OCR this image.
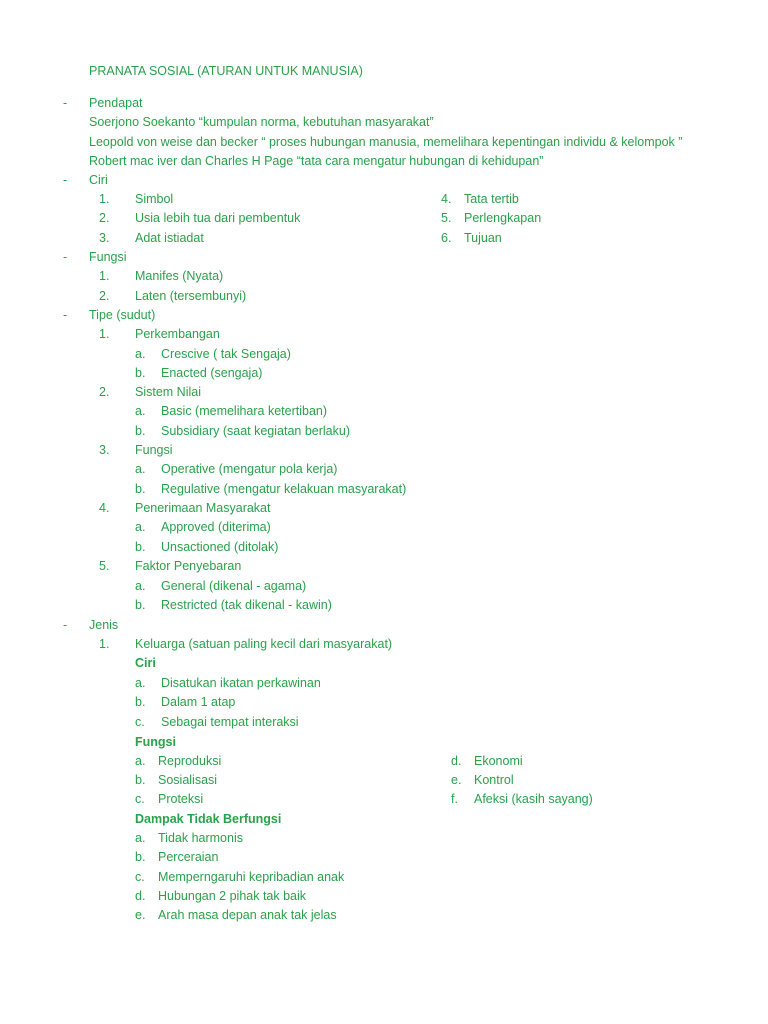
PRANATA SOSIAL (ATURAN UNTUK MANUSIA)
- Pendapat
Soerjono Soekanto “kumpulan norma, kebutuhan masyarakat”
Leopold von weise dan becker “ proses hubungan manusia, memelihara kepentingan individu & kelompok ”
Robert mac iver dan Charles H Page “tata cara mengatur hubungan di kehidupan”
- Ciri
1. Simbol
2. Usia lebih tua dari pembentuk
3. Adat istiadat
4. Tata tertib
5. Perlengkapan
6. Tujuan
- Fungsi
1. Manifes (Nyata)
2. Laten (tersembunyi)
- Tipe (sudut)
1. Perkembangan
a. Crescive ( tak Sengaja)
b. Enacted (sengaja)
2. Sistem Nilai
a. Basic (memelihara ketertiban)
b. Subsidiary (saat kegiatan berlaku)
3. Fungsi
a. Operative (mengatur pola kerja)
b. Regulative (mengatur kelakuan masyarakat)
4. Penerimaan Masyarakat
a. Approved (diterima)
b. Unsactioned (ditolak)
5. Faktor Penyebaran
a. General (dikenal - agama)
b. Restricted (tak dikenal - kawin)
- Jenis
1. Keluarga (satuan paling kecil dari masyarakat)
Ciri
a. Disatukan ikatan perkawinan
b. Dalam 1 atap
c. Sebagai tempat interaksi
Fungsi
a. Reproduksi
b. Sosialisasi
c. Proteksi
d. Ekonomi
e. Kontrol
f. Afeksi (kasih sayang)
Dampak Tidak Berfungsi
a. Tidak harmonis
b. Perceraian
c. Memperngaruhi kepribadian anak
d. Hubungan 2 pihak tak baik
e. Arah masa depan anak tak jelas
